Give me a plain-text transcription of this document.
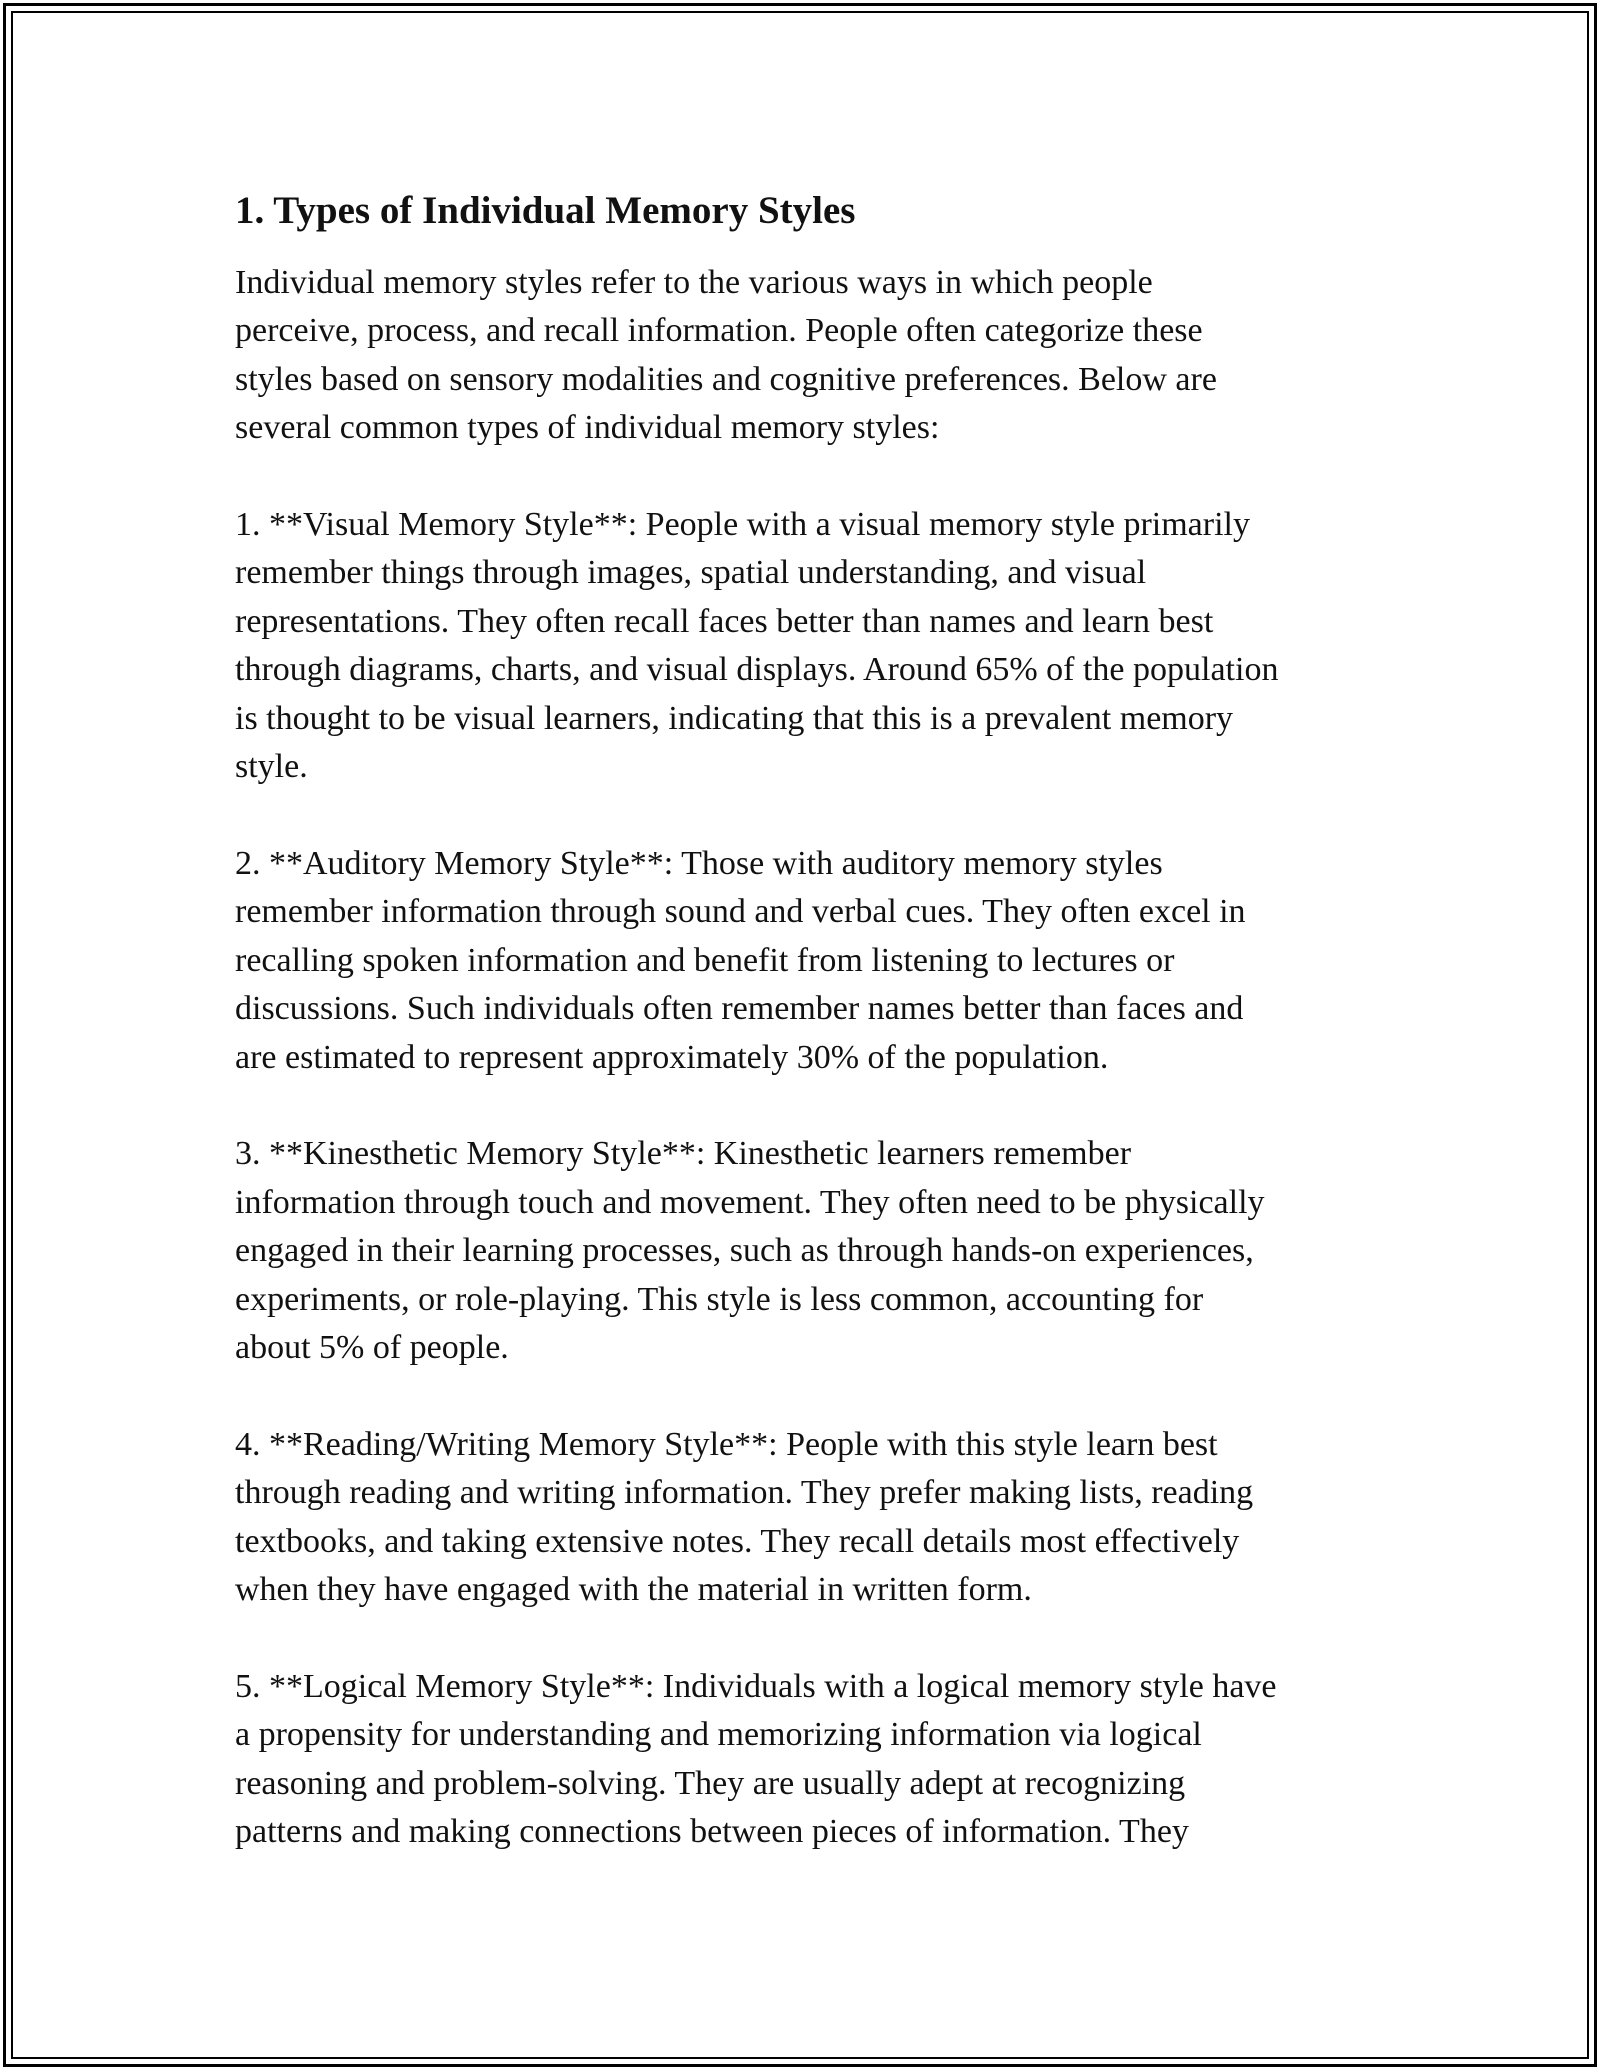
1. Types of Individual Memory Styles

Individual memory styles refer to the various ways in which people
perceive, process, and recall information. People often categorize these
styles based on sensory modalities and cognitive preferences. Below are
several common types of individual memory styles:

1. **Visual Memory Style**: People with a visual memory style primarily
remember things through images, spatial understanding, and visual
representations. They often recall faces better than names and learn best
through diagrams, charts, and visual displays. Around 65% of the population
is thought to be visual learners, indicating that this is a prevalent memory
style.

2. **Auditory Memory Style**: Those with auditory memory styles
remember information through sound and verbal cues. They often excel in
recalling spoken information and benefit from listening to lectures or
discussions. Such individuals often remember names better than faces and
are estimated to represent approximately 30% of the population.

3. **Kinesthetic Memory Style**: Kinesthetic learners remember
information through touch and movement. They often need to be physically
engaged in their learning processes, such as through hands-on experiences,
experiments, or role-playing. This style is less common, accounting for
about 5% of people.

4. **Reading/Writing Memory Style**: People with this style learn best
through reading and writing information. They prefer making lists, reading
textbooks, and taking extensive notes. They recall details most effectively
when they have engaged with the material in written form.

5. **Logical Memory Style**: Individuals with a logical memory style have
a propensity for understanding and memorizing information via logical
reasoning and problem-solving. They are usually adept at recognizing
patterns and making connections between pieces of information. They
